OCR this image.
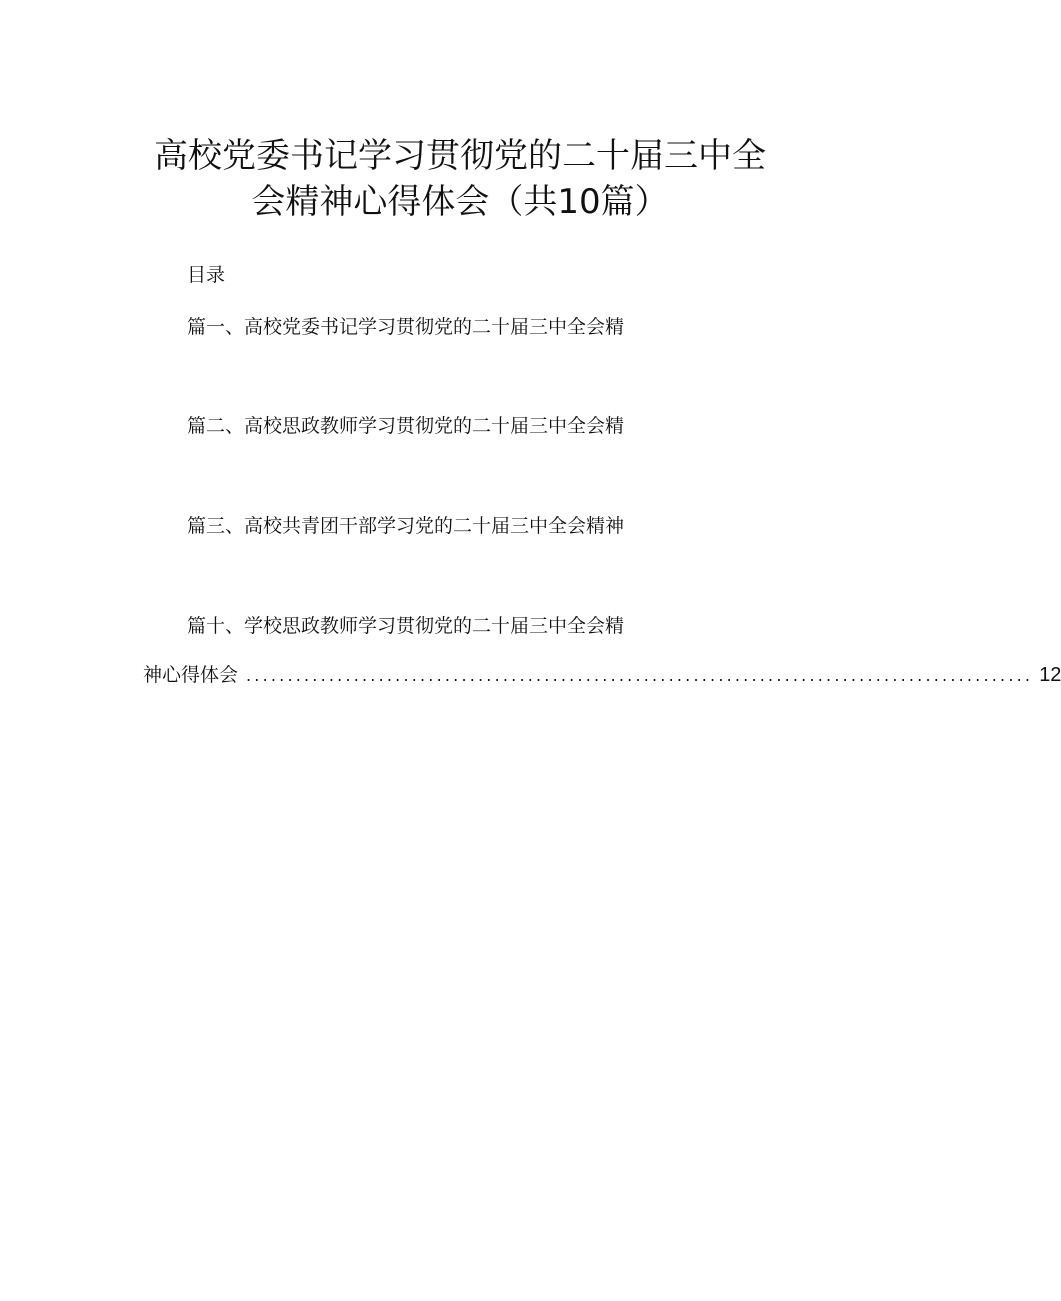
高校党委书记学习贯彻党的二十届三中全
会精神心得体会（共10篇）
目录
篇一、高校党委书记学习贯彻党的二十届三中全会精
篇二、高校思政教师学习贯彻党的二十届三中全会精
篇三、高校共青团干部学习党的二十届三中全会精神
篇十、学校思政教师学习贯彻党的二十届三中全会精
神心得体会 ............................................................................................... 12
